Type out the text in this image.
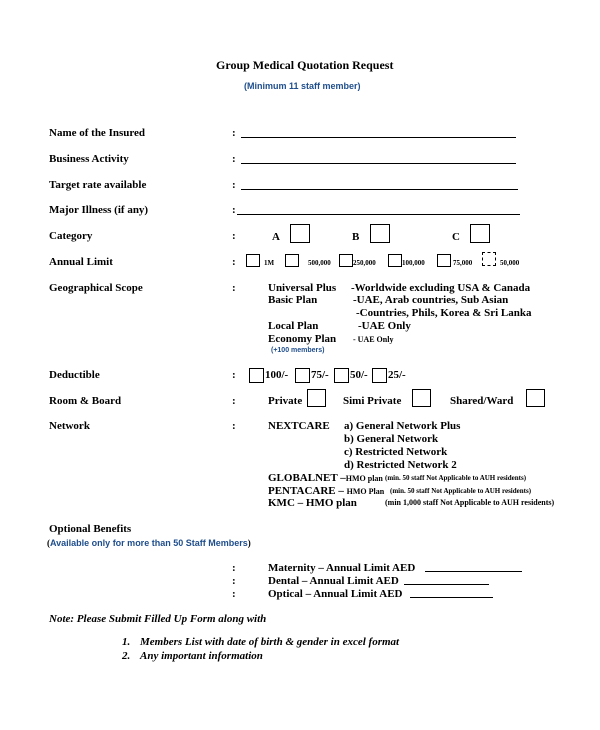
Group Medical Quotation Request
(Minimum 11 staff member)
Name of the Insured	:
Business Activity	:
Target rate available	:
Major Illness (if any)	:
Category	:	A	B	C
Annual Limit	:	1M	500,000	250,000	100,000	75,000	50,000
Geographical Scope	:	Universal Plus -Worldwide excluding USA & Canada
Basic Plan	-UAE, Arab countries, Sub Asian
-Countries, Phils, Korea & Sri Lanka
Local Plan	-UAE Only
Economy Plan - UAE Only
(+100 members)
Deductible	:	100/- 75/- 50/- 25/-
Room & Board	:	Private	Simi Private	Shared/Ward
Network	:	NEXTCARE a) General Network Plus
b) General Network
c) Restricted Network
d) Restricted Network 2
GLOBALNET –HMO plan (min. 50 staff Not Applicable to AUH residents)
PENTACARE – HMO Plan (min. 50 staff Not Applicable to AUH residents)
KMC – HMO plan	(min 1,000 staff Not Applicable to AUH residents)
Optional Benefits
(Available only for more than 50 Staff Members)
:	Maternity – Annual Limit AED
:	Dental – Annual Limit AED
:	Optical – Annual Limit AED
Note: Please Submit Filled Up Form along with
1. Members List with date of birth & gender in excel format
2. Any important information
